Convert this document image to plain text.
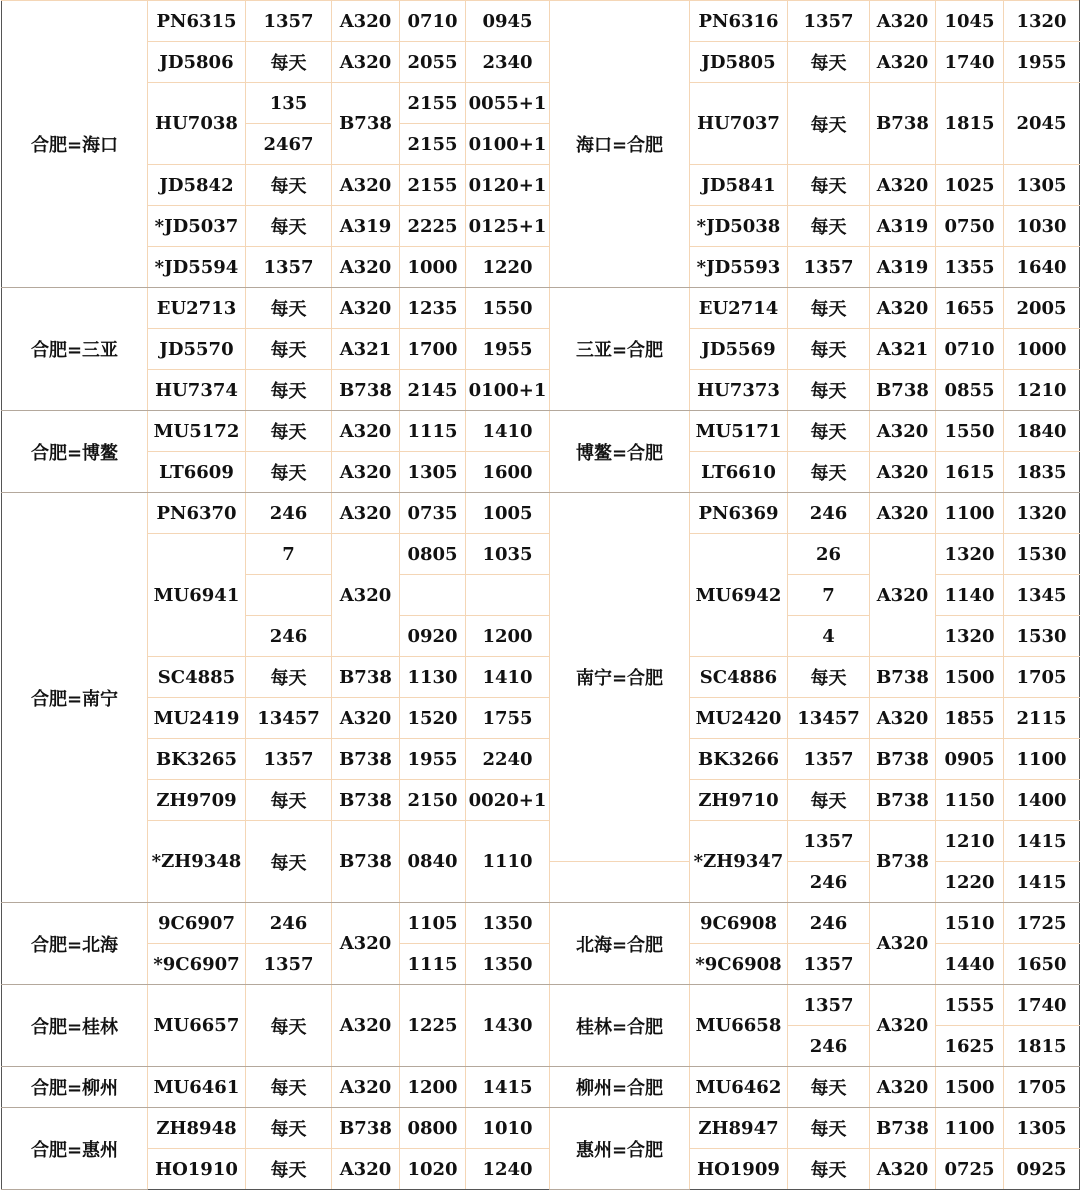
合肥=海口	PN6315	1357	A320	0710	0945	海口=合肥	PN6316	1357	A320	1045	1320
	JD5806	每天	A320	2055	2340		JD5805	每天	A320	1740	1955
	HU7038	135	B738	2155	0055+1		HU7037	每天	B738	1815	2045
		2467		2155	0100+1						
	JD5842	每天	A320	2155	0120+1		JD5841	每天	A320	1025	1305
	*JD5037	每天	A319	2225	0125+1		*JD5038	每天	A319	0750	1030
	*JD5594	1357	A320	1000	1220		*JD5593	1357	A319	1355	1640
合肥=三亚	EU2713	每天	A320	1235	1550	三亚=合肥	EU2714	每天	A320	1655	2005
	JD5570	每天	A321	1700	1955		JD5569	每天	A321	0710	1000
	HU7374	每天	B738	2145	0100+1		HU7373	每天	B738	0855	1210
合肥=博鳌	MU5172	每天	A320	1115	1410	博鳌=合肥	MU5171	每天	A320	1550	1840
	LT6609	每天	A320	1305	1600		LT6610	每天	A320	1615	1835
合肥=南宁	PN6370	246	A320	0735	1005	南宁=合肥	PN6369	246	A320	1100	1320
	MU6941	7	A320	0805	1035		MU6942	26	A320	1320	1530
								7		1140	1345
		246		0920	1200			4		1320	1530
	SC4885	每天	B738	1130	1410		SC4886	每天	B738	1500	1705
	MU2419	13457	A320	1520	1755		MU2420	13457	A320	1855	2115
	BK3265	1357	B738	1955	2240		BK3266	1357	B738	0905	1100
	ZH9709	每天	B738	2150	0020+1		ZH9710	每天	B738	1150	1400
	*ZH9348	每天	B738	0840	1110		*ZH9347	1357	B738	1210	1415
								246		1220	1415
合肥=北海	9C6907	246	A320	1105	1350	北海=合肥	9C6908	246	A320	1510	1725
	*9C6907	1357		1115	1350		*9C6908	1357		1440	1650
合肥=桂林	MU6657	每天	A320	1225	1430	桂林=合肥	MU6658	1357	A320	1555	1740
								246		1625	1815
合肥=柳州	MU6461	每天	A320	1200	1415	柳州=合肥	MU6462	每天	A320	1500	1705
合肥=惠州	ZH8948	每天	B738	0800	1010	惠州=合肥	ZH8947	每天	B738	1100	1305
	HO1910	每天	A320	1020	1240		HO1909	每天	A320	0725	0925
